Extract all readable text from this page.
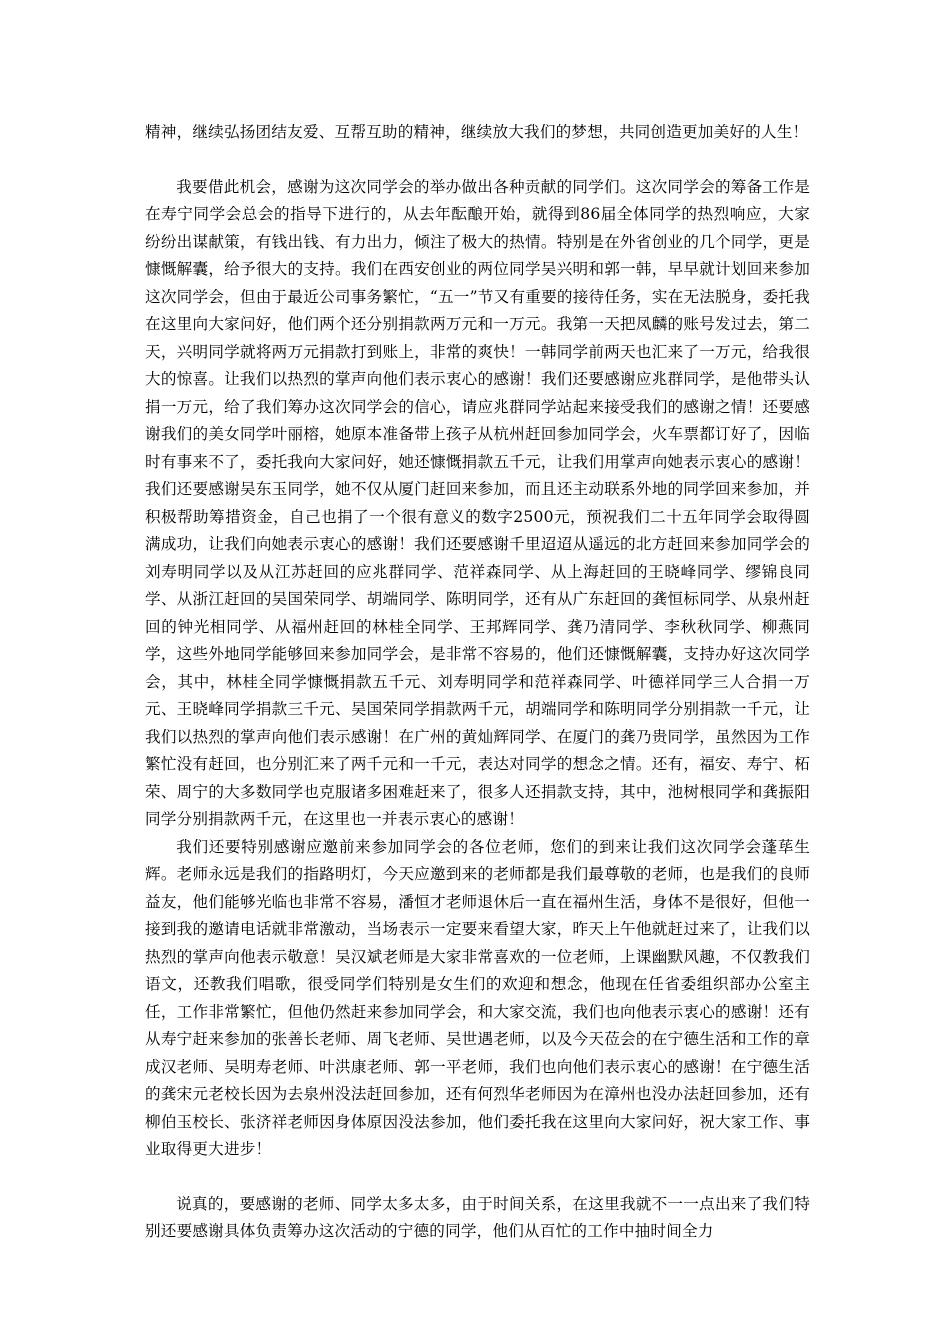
精神，继续弘扬团结友爱、互帮互助的精神，继续放大我们的梦想，共同创造更加美好的人生！

我要借此机会，感谢为这次同学会的举办做出各种贡献的同学们。这次同学会的筹备工作是在寿宁同学会总会的指导下进行的，从去年酝酿开始，就得到86届全体同学的热烈响应，大家纷纷出谋献策，有钱出钱、有力出力，倾注了极大的热情。特别是在外省创业的几个同学，更是慷慨解囊，给予很大的支持。我们在西安创业的两位同学吴兴明和郭一韩，早早就计划回来参加这次同学会，但由于最近公司事务繁忙，“五一”节又有重要的接待任务，实在无法脱身，委托我在这里向大家问好，他们两个还分别捐款两万元和一万元。我第一天把凤麟的账号发过去，第二天，兴明同学就将两万元捐款打到账上，非常的爽快！一韩同学前两天也汇来了一万元，给我很大的惊喜。让我们以热烈的掌声向他们表示衷心的感谢！我们还要感谢应兆群同学，是他带头认捐一万元，给了我们筹办这次同学会的信心，请应兆群同学站起来接受我们的感谢之情！还要感谢我们的美女同学叶丽榕，她原本准备带上孩子从杭州赶回参加同学会，火车票都订好了，因临时有事来不了，委托我向大家问好，她还慷慨捐款五千元，让我们用掌声向她表示衷心的感谢！我们还要感谢吴东玉同学，她不仅从厦门赶回来参加，而且还主动联系外地的同学回来参加，并积极帮助筹措资金，自己也捐了一个很有意义的数字2500元，预祝我们二十五年同学会取得圆满成功，让我们向她表示衷心的感谢！我们还要感谢千里迢迢从遥远的北方赶回来参加同学会的刘寿明同学以及从江苏赶回的应兆群同学、范祥森同学、从上海赶回的王晓峰同学、缪锦良同学、从浙江赶回的吴国荣同学、胡端同学、陈明同学，还有从广东赶回的龚恒标同学、从泉州赶回的钟光相同学、从福州赶回的林桂全同学、王邦辉同学、龚乃清同学、李秋秋同学、柳燕同学，这些外地同学能够回来参加同学会，是非常不容易的，他们还慷慨解囊，支持办好这次同学会，其中，林桂全同学慷慨捐款五千元、刘寿明同学和范祥森同学、叶德祥同学三人合捐一万元、王晓峰同学捐款三千元、吴国荣同学捐款两千元，胡端同学和陈明同学分别捐款一千元，让我们以热烈的掌声向他们表示感谢！在广州的黄灿辉同学、在厦门的龚乃贵同学，虽然因为工作繁忙没有赶回，也分别汇来了两千元和一千元，表达对同学的想念之情。还有，福安、寿宁、柘荣、周宁的大多数同学也克服诸多困难赶来了，很多人还捐款支持，其中，池树根同学和龚振阳同学分别捐款两千元，在这里也一并表示衷心的感谢！

我们还要特别感谢应邀前来参加同学会的各位老师，您们的到来让我们这次同学会蓬荜生辉。老师永远是我们的指路明灯，今天应邀到来的老师都是我们最尊敬的老师，也是我们的良师益友，他们能够光临也非常不容易，潘恒才老师退休后一直在福州生活，身体不是很好，但他一接到我的邀请电话就非常激动，当场表示一定要来看望大家，昨天上午他就赶过来了，让我们以热烈的掌声向他表示敬意！吴汉斌老师是大家非常喜欢的一位老师，上课幽默风趣，不仅教我们语文，还教我们唱歌，很受同学们特别是女生们的欢迎和想念，他现在任省委组织部办公室主任，工作非常繁忙，但他仍然赶来参加同学会，和大家交流，我们也向他表示衷心的感谢！还有从寿宁赶来参加的张善长老师、周飞老师、吴世遇老师，以及今天莅会的在宁德生活和工作的章成汉老师、吴明寿老师、叶洪康老师、郭一平老师，我们也向他们表示衷心的感谢！在宁德生活的龚宋元老校长因为去泉州没法赶回参加，还有何烈华老师因为在漳州也没办法赶回参加，还有柳伯玉校长、张济祥老师因身体原因没法参加，他们委托我在这里向大家问好，祝大家工作、事业取得更大进步！

说真的，要感谢的老师、同学太多太多，由于时间关系，在这里我就不一一点出来了我们特别还要感谢具体负责筹办这次活动的宁德的同学，他们从百忙的工作中抽时间全力
